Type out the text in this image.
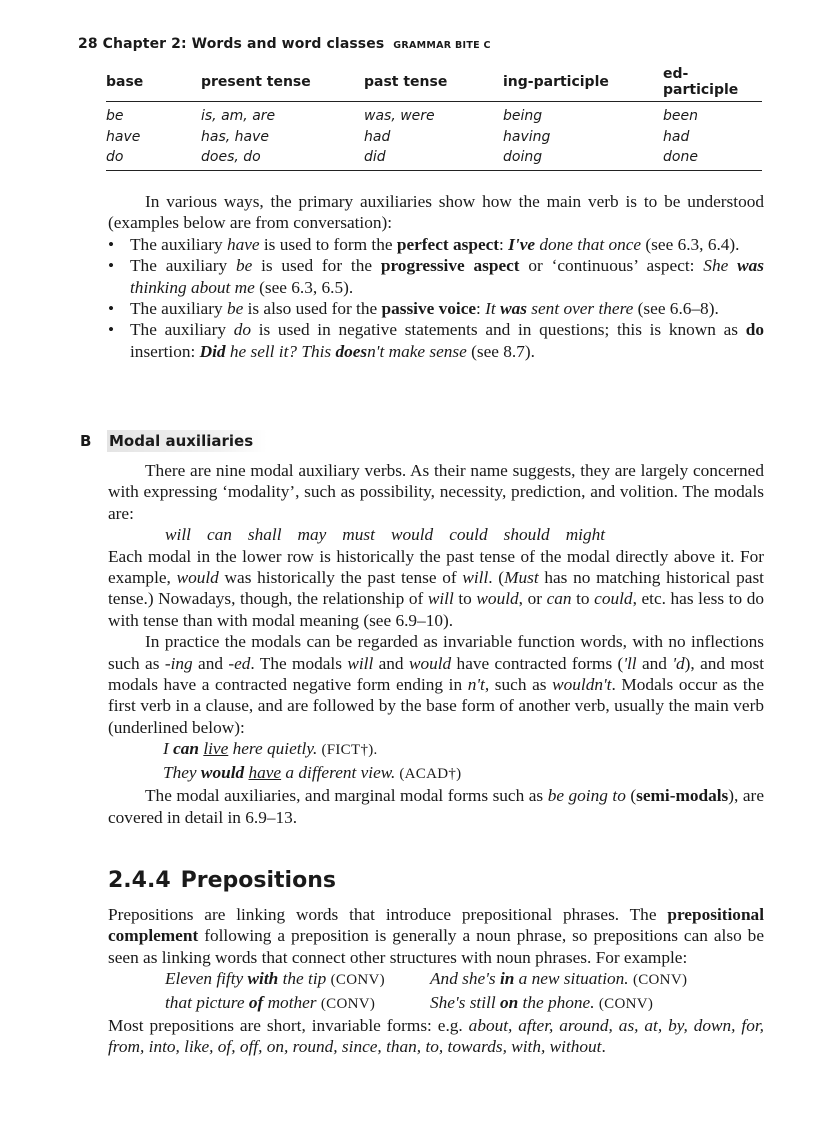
28 Chapter 2: Words and word classes GRAMMAR BITE C
base	present tense	past tense	ing-participle	ed-participle
be	is, am, are	was, were	being	been
have	has, have	had	having	had
do	does, do	did	doing	done

In various ways, the primary auxiliaries show how the main verb is to be understood (examples below are from conversation):

• The auxiliary have is used to form the perfect aspect: I've done that once (see 6.3, 6.4).
• The auxiliary be is used for the progressive aspect or ‘continuous’ aspect: She was thinking about me (see 6.3, 6.5).
• The auxiliary be is also used for the passive voice: It was sent over there (see 6.6–8).
• The auxiliary do is used in negative statements and in questions; this is known as do insertion: Did he sell it? This doesn't make sense (see 8.7).
B Modal auxiliaries

There are nine modal auxiliary verbs. As their name suggests, they are largely concerned with expressing ‘modality’, such as possibility, necessity, prediction, and volition. The modals are:

will can shall may must would could should might

Each modal in the lower row is historically the past tense of the modal directly above it. For example, would was historically the past tense of will. (Must has no matching historical past tense.) Nowadays, though, the relationship of will to would, or can to could, etc. has less to do with tense than with modal meaning (see 6.9–10).

In practice the modals can be regarded as invariable function words, with no inflections such as -ing and -ed. The modals will and would have contracted forms ('ll and 'd), and most modals have a contracted negative form ending in n't, such as wouldn't. Modals occur as the first verb in a clause, and are followed by the base form of another verb, usually the main verb (underlined below):

I can live here quietly. (FICT†).
They would have a different view. (ACAD†)

The modal auxiliaries, and marginal modal forms such as be going to (semi-modals), are covered in detail in 6.9–13.

2.4.4 Prepositions

Prepositions are linking words that introduce prepositional phrases. The prepositional complement following a preposition is generally a noun phrase, so prepositions can also be seen as linking words that connect other structures with noun phrases. For example:

Eleven fifty with the tip (CONV)	And she's in a new situation. (CONV)
that picture of mother (CONV)	She's still on the phone. (CONV)

Most prepositions are short, invariable forms: e.g. about, after, around, as, at, by, down, for, from, into, like, of, off, on, round, since, than, to, towards, with, without.
